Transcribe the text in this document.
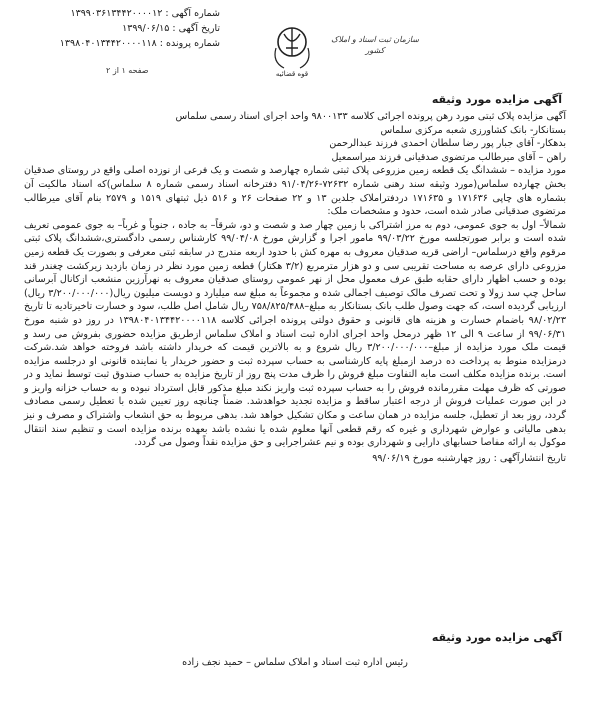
شماره آگهی : ۱۳۹۹۰۳۶۱۳۴۴۲۰۰۰۰۱۲
تاریخ آگهی : ۱۳۹۹/۰۶/۱۵
شماره پرونده : ۱۳۹۸۰۴۰۱۳۴۴۲۰۰۰۰۱۱۸
قوه قضائیه
سازمان ثبت اسناد و املاک کشور
صفحه ۱ از ۲
آگهی مزایده مورد وثیقه
آگهی مزایده پلاک ثبتی مورد رهن پرونده اجرائی کلاسه ۹۸۰۰۱۳۳ واحد اجرای اسناد رسمی سلماس
بستانکار- بانک کشاورزی شعبه مرکزی سلماس
بدهکار- آقای جبار پور رضا سلطان احمدی فرزند عبدالرحمن
راهن – آقای میرطالب مرتضوی صدقیانی فرزند میراسمعیل
مورد مزایده – ششدانگ یک قطعه زمین مزروعی پلاک ثبتی شماره چهارصد و شصت و یک فرعی از نوزده اصلی واقع در روستای صدقیان بخش چهارده سلماس(مورد وثیقه سند رهنی شماره ۷۲۶۳۲-۹۱/۰۴/۲۶ دفترخانه اسناد رسمی شماره ۸ سلماس)که اسناد مالکیت آن بشماره های چاپی ۱۷۱۶۳۶ و ۱۷۱۶۳۵ دردفتراملاک جلدین ۱۳ و ۲۲ صفحات ۲۶ و ۵۱۶ ذیل ثبتهای ۱۵۱۹ و ۲۵۷۹ بنام آقای میرطالب مرتضوی صدقیانی صادر شده است، حدود و مشخصات ملک:
شمالاً– اول به جوی عمومی، دوم به مرز اشتراکی با زمین چهار صد و شصت و دو، شرقاً– به جاده ، جنوباً و غرباً– به جوی عمومی تعریف شده است و برابر صورتجلسه مورخ ۹۹/۰۳/۲۲ مامور اجرا و گزارش مورخ ۹۹/۰۴/۰۸ کارشناس رسمی دادگستری،ششدانگ پلاک ثبتی مرقوم واقع درسلماس– اراضی قریه صدقیان معروف به مهره کش با حدود اربعه مندرج در سابقه ثبتی معرفی و بصورت یک قطعه زمین مزروعی دارای عرصه به مساحت تقریبی سی و دو هزار مترمربع (۳/۲ هکتار) قطعه زمین مورد نظر در زمان بازدید زیرکشت چغندر قند بوده و حسب اظهار دارای حقابه طبق عرف معمول محل از نهر عمومی روستای صدقیان معروف به نهرآرزین منشعب ازکانال آبرسانی ساحل چپ سد زولا و تحت تصرف مالک توصیف اجمالی شده و مجموعاً به مبلغ سه میلیارد و دویست میلیون ریال(۳/۲۰۰/۰۰۰/۰۰۰ ریال) ارزیابی گردیده است، که جهت وصول طلب بانک بستانکار به مبلغ–۷۵۸/۸۲۵/۴۸۸ ریال شامل اصل طلب، سود و خسارت تاخیرتادیه تا تاریخ ۹۸/۰۲/۲۳ باضمام خسارت و هزینه های قانونی و حقوق دولتی پرونده اجرائی کلاسه ۱۳۹۸۰۴۰۱۳۴۴۲۰۰۰۰۱۱۸ در روز دو شنبه مورخ ۹۹/۰۶/۳۱ از ساعت ۹ الی ۱۲ ظهر درمحل واحد اجرای اداره ثبت اسناد و املاک سلماس ازطریق مزایده حضوری بفروش می رسد و قیمت ملک مورد مزایده از مبلغ–۳/۲۰۰/۰۰۰/۰۰۰ ریال شروع و به بالاترین قیمت که خریدار داشته باشد فروخته خواهد شد.شرکت درمزایده منوط به پرداخت ده درصد ازمبلغ پایه کارشناسی به حساب سپرده ثبت و حضور خریدار یا نماینده قانونی او درجلسه مزایده است. برنده مزایده مکلف است مابه التفاوت مبلغ فروش را ظرف مدت پنج روز از تاریخ مزایده به حساب صندوق ثبت توسط نماید و در صورتی که ظرف مهلت مقررمانده فروش را به حساب سپرده ثبت واریز نکند مبلغ مذکور قابل استرداد نبوده و به حساب خزانه واریز و در این صورت عملیات فروش از درجه اعتبار ساقط و مزایده تجدید خواهدشد. ضمناً چنانچه روز تعیین شده با تعطیل رسمی مصادف گردد، روز بعد از تعطیل، جلسه مزایده در همان ساعت و مکان تشکیل خواهد شد. بدهی مربوط به حق انشعاب واشتراک و مصرف و نیز بدهی مالیاتی و عوارض شهرداری و غیره که رقم قطعی آنها معلوم شده یا نشده باشد بعهده برنده مزایده است و تنظیم سند انتقال موکول به ارائه مفاصا حسابهای دارایی و شهرداری بوده و نیم عشراجرایی و حق مزایده نقداً وصول می گردد.
تاریخ انتشارآگهی : روز چهارشنبه مورخ ۹۹/۰۶/۱۹
آگهی مزایده مورد وثیقه
رئیس اداره ثبت اسناد و املاک سلماس – حمید نجف زاده
